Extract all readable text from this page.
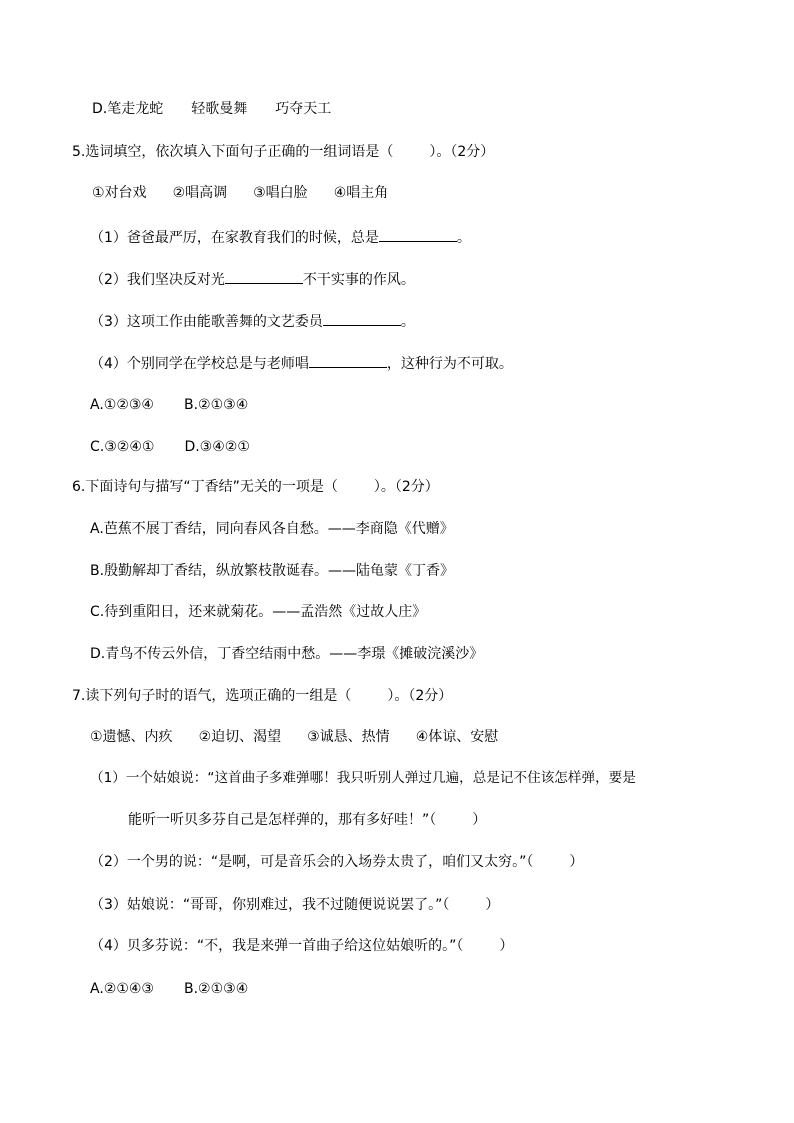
D.笔走龙蛇 轻歌曼舞 巧夺天工
5.选词填空，依次填入下面句子正确的一组词语是（	）。（2分）
①对台戏 ②唱高调 ③唱白脸 ④唱主角
（1）爸爸最严厉，在家教育我们的时候，总是	。
（2）我们坚决反对光	不干实事的作风。
（3）这项工作由能歌善舞的文艺委员	。
（4）个别同学在学校总是与老师唱	，这种行为不可取。
A.①②③④ B.②①③④
C.③②④① D.③④②①
6.下面诗句与描写“丁香结”无关的一项是（	）。（2分）
A.芭蕉不展丁香结，同向春风各自愁。——李商隐《代赠》
B.殷勤解却丁香结，纵放繁枝散诞春。——陆龟蒙《丁香》
C.待到重阳日，还来就菊花。——孟浩然《过故人庄》
D.青鸟不传云外信，丁香空结雨中愁。——李璟《摊破浣溪沙》
7.读下列句子时的语气，选项正确的一组是（	）。（2分）
①遗憾、内疚 ②迫切、渴望 ③诚恳、热情 ④体谅、安慰
（1）一个姑娘说：“这首曲子多难弹哪！我只听别人弹过几遍，总是记不住该怎样弹，要是
能听一听贝多芬自己是怎样弹的，那有多好哇！”（	）
（2）一个男的说：“是啊，可是音乐会的入场券太贵了，咱们又太穷。”（	）
（3）姑娘说：“哥哥，你别难过，我不过随便说说罢了。”（	）
（4）贝多芬说：“不，我是来弹一首曲子给这位姑娘听的。”（	）
A.②①④③ B.②①③④
